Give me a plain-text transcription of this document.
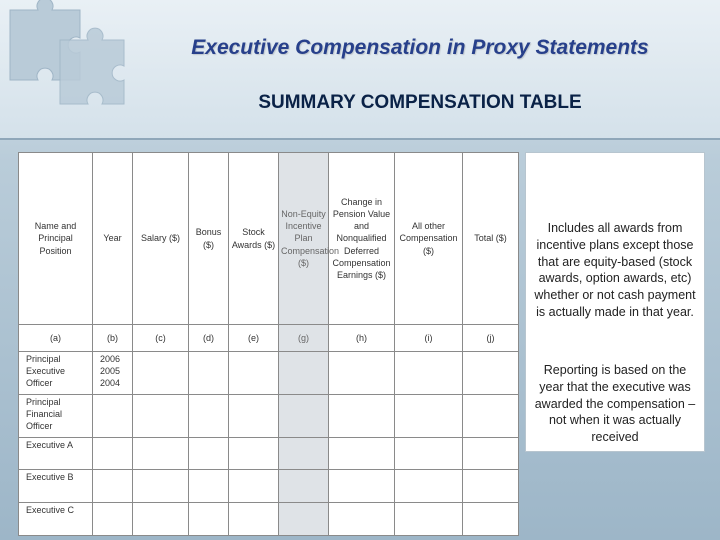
Executive Compensation in Proxy Statements
SUMMARY COMPENSATION TABLE
Name and Principal Position	Year	Salary ($)	Bonus ($)	Stock Awards ($)	Non-Equity Incentive Plan Compensation ($)	Change in Pension Value and Nonqualified Deferred Compensation Earnings ($)	All other Compensation ($)	Total ($)
(a)	(b)	(c)	(d)	(e)	(g)	(h)	(i)	(j)
Principal Executive Officer	2006 2005 2004							
Principal Financial Officer								
Executive A								
Executive B								
Executive C								
Includes all awards from incentive plans except those that are equity-based (stock awards, option awards, etc) whether or not cash payment is actually made in that year.
Reporting is based on the year that the executive was awarded the compensation – not when it was actually received
